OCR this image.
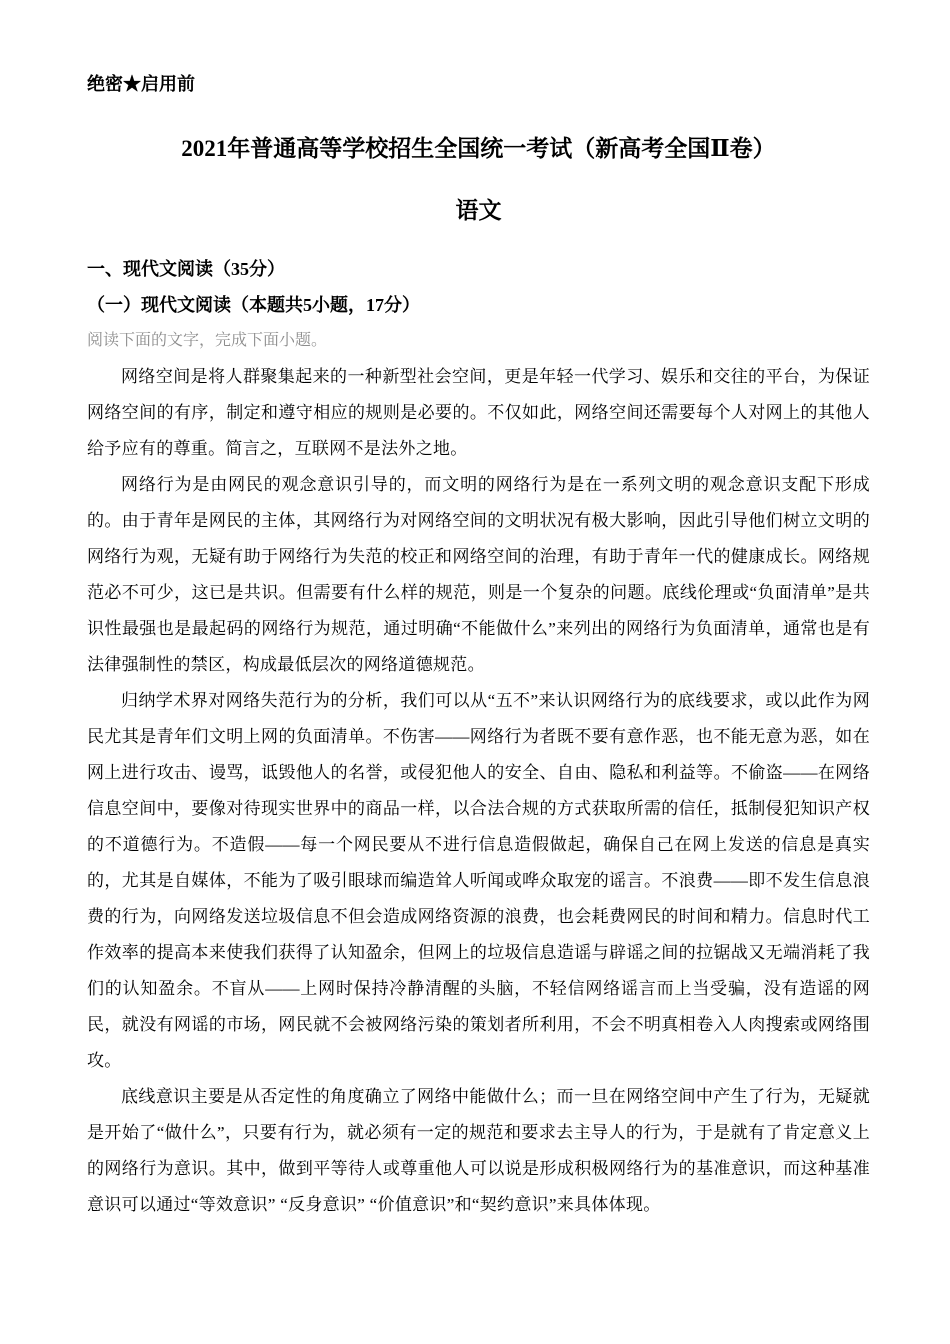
绝密★启用前
2021年普通高等学校招生全国统一考试（新高考全国Ⅱ卷）
语文
一、现代文阅读（35分）
（一）现代文阅读（本题共5小题，17分）
阅读下面的文字，完成下面小题。

网络空间是将人群聚集起来的一种新型社会空间，更是年轻一代学习、娱乐和交往的平台，为保证网络空间的有序，制定和遵守相应的规则是必要的。不仅如此，网络空间还需要每个人对网上的其他人给予应有的尊重。简言之，互联网不是法外之地。

网络行为是由网民的观念意识引导的，而文明的网络行为是在一系列文明的观念意识支配下形成的。由于青年是网民的主体，其网络行为对网络空间的文明状况有极大影响，因此引导他们树立文明的网络行为观，无疑有助于网络行为失范的校正和网络空间的治理，有助于青年一代的健康成长。网络规范必不可少，这已是共识。但需要有什么样的规范，则是一个复杂的问题。底线伦理或“负面清单”是共识性最强也是最起码的网络行为规范，通过明确“不能做什么”来列出的网络行为负面清单，通常也是有法律强制性的禁区，构成最低层次的网络道德规范。

归纳学术界对网络失范行为的分析，我们可以从“五不”来认识网络行为的底线要求，或以此作为网民尤其是青年们文明上网的负面清单。不伤害——网络行为者既不要有意作恶，也不能无意为恶，如在网上进行攻击、谩骂，诋毁他人的名誉，或侵犯他人的安全、自由、隐私和利益等。不偷盗——在网络信息空间中，要像对待现实世界中的商品一样，以合法合规的方式获取所需的信任，抵制侵犯知识产权的不道德行为。不造假——每一个网民要从不进行信息造假做起，确保自己在网上发送的信息是真实的，尤其是自媒体，不能为了吸引眼球而编造耸人听闻或哗众取宠的谣言。不浪费——即不发生信息浪费的行为，向网络发送垃圾信息不但会造成网络资源的浪费，也会耗费网民的时间和精力。信息时代工作效率的提高本来使我们获得了认知盈余，但网上的垃圾信息造谣与辟谣之间的拉锯战又无端消耗了我们的认知盈余。不盲从——上网时保持冷静清醒的头脑，不轻信网络谣言而上当受骗，没有造谣的网民，就没有网谣的市场，网民就不会被网络污染的策划者所利用，不会不明真相卷入人肉搜索或网络围攻。

底线意识主要是从否定性的角度确立了网络中能做什么；而一旦在网络空间中产生了行为，无疑就是开始了“做什么”，只要有行为，就必须有一定的规范和要求去主导人的行为，于是就有了肯定意义上的网络行为意识。其中，做到平等待人或尊重他人可以说是形成积极网络行为的基准意识，而这种基准意识可以通过“等效意识” “反身意识” “价值意识”和“契约意识”来具体体现。
